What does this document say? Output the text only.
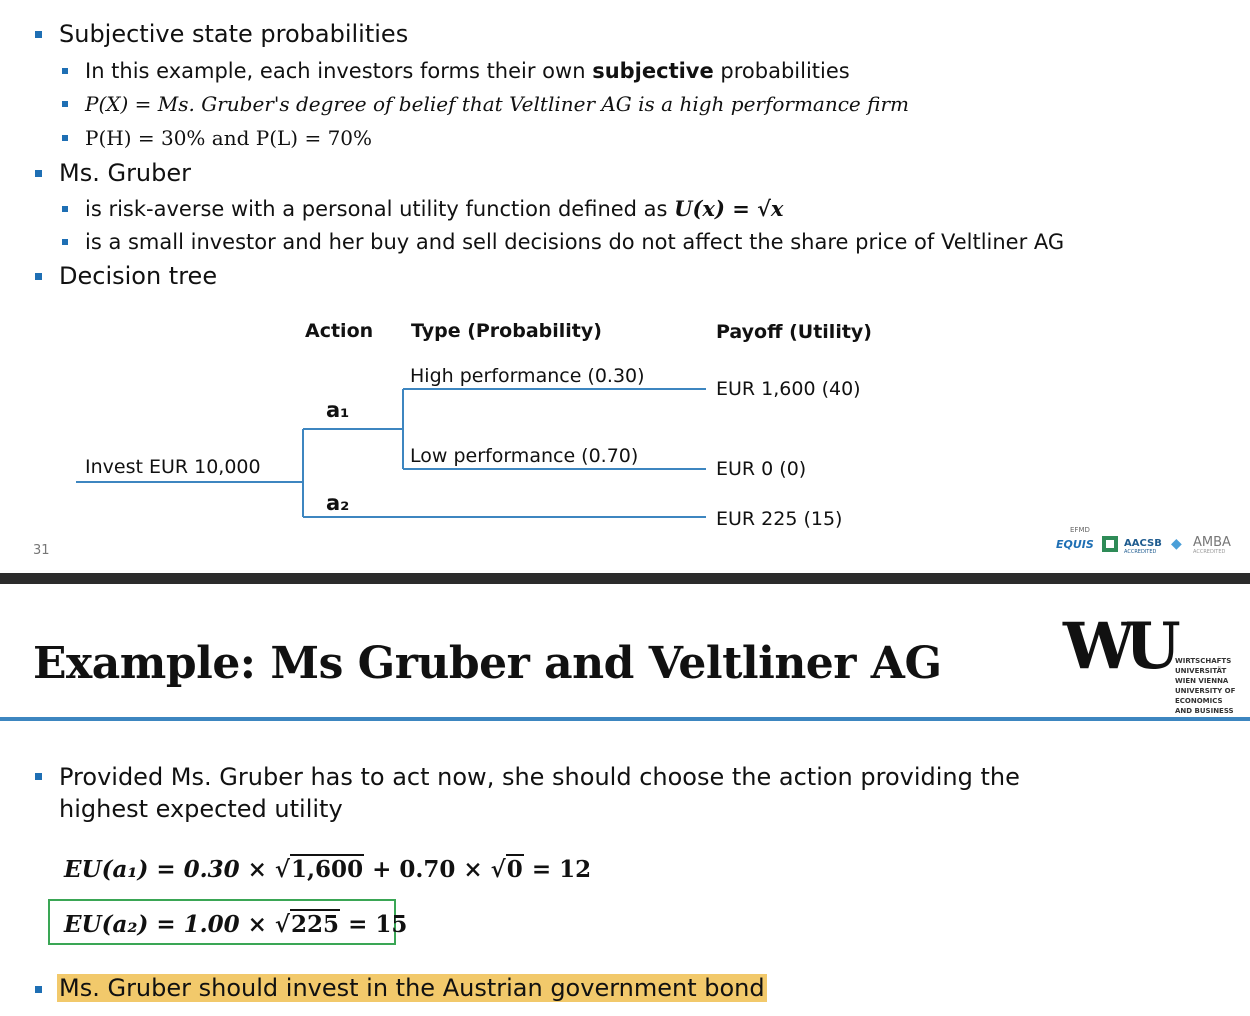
Subjective state probabilities
In this example, each investors forms their own subjective probabilities
P(X) = Ms. Gruber's degree of belief that Veltliner AG is a high performance firm
P(H) = 30% and P(L) = 70%
Ms. Gruber
is risk-averse with a personal utility function defined as U(x) = √x
is a small investor and her buy and sell decisions do not affect the share price of Veltliner AG
Decision tree
Action Type (Probability)	Payoff (Utility)
Invest EUR 10,000
a₁
a₂
High performance (0.30)
Low performance (0.70)
EUR 1,600 (40)
EUR 0 (0)
EUR 225 (15)
31
EFMD
EQUIS	AACSB
ACCREDITED ◆ AMBA
ACCREDITED
Example: Ms Gruber and Veltliner AG WU WIRTSCHAFTS
UNIVERSITÄT
WIEN VIENNA
UNIVERSITY OF
ECONOMICS
AND BUSINESS
Provided Ms. Gruber has to act now, she should choose the action providing the
highest expected utility
EU(a₁) = 0.30 × √1,600 + 0.70 × √0 = 12
EU(a₂) = 1.00 × √225 = 15
Ms. Gruber should invest in the Austrian government bond
